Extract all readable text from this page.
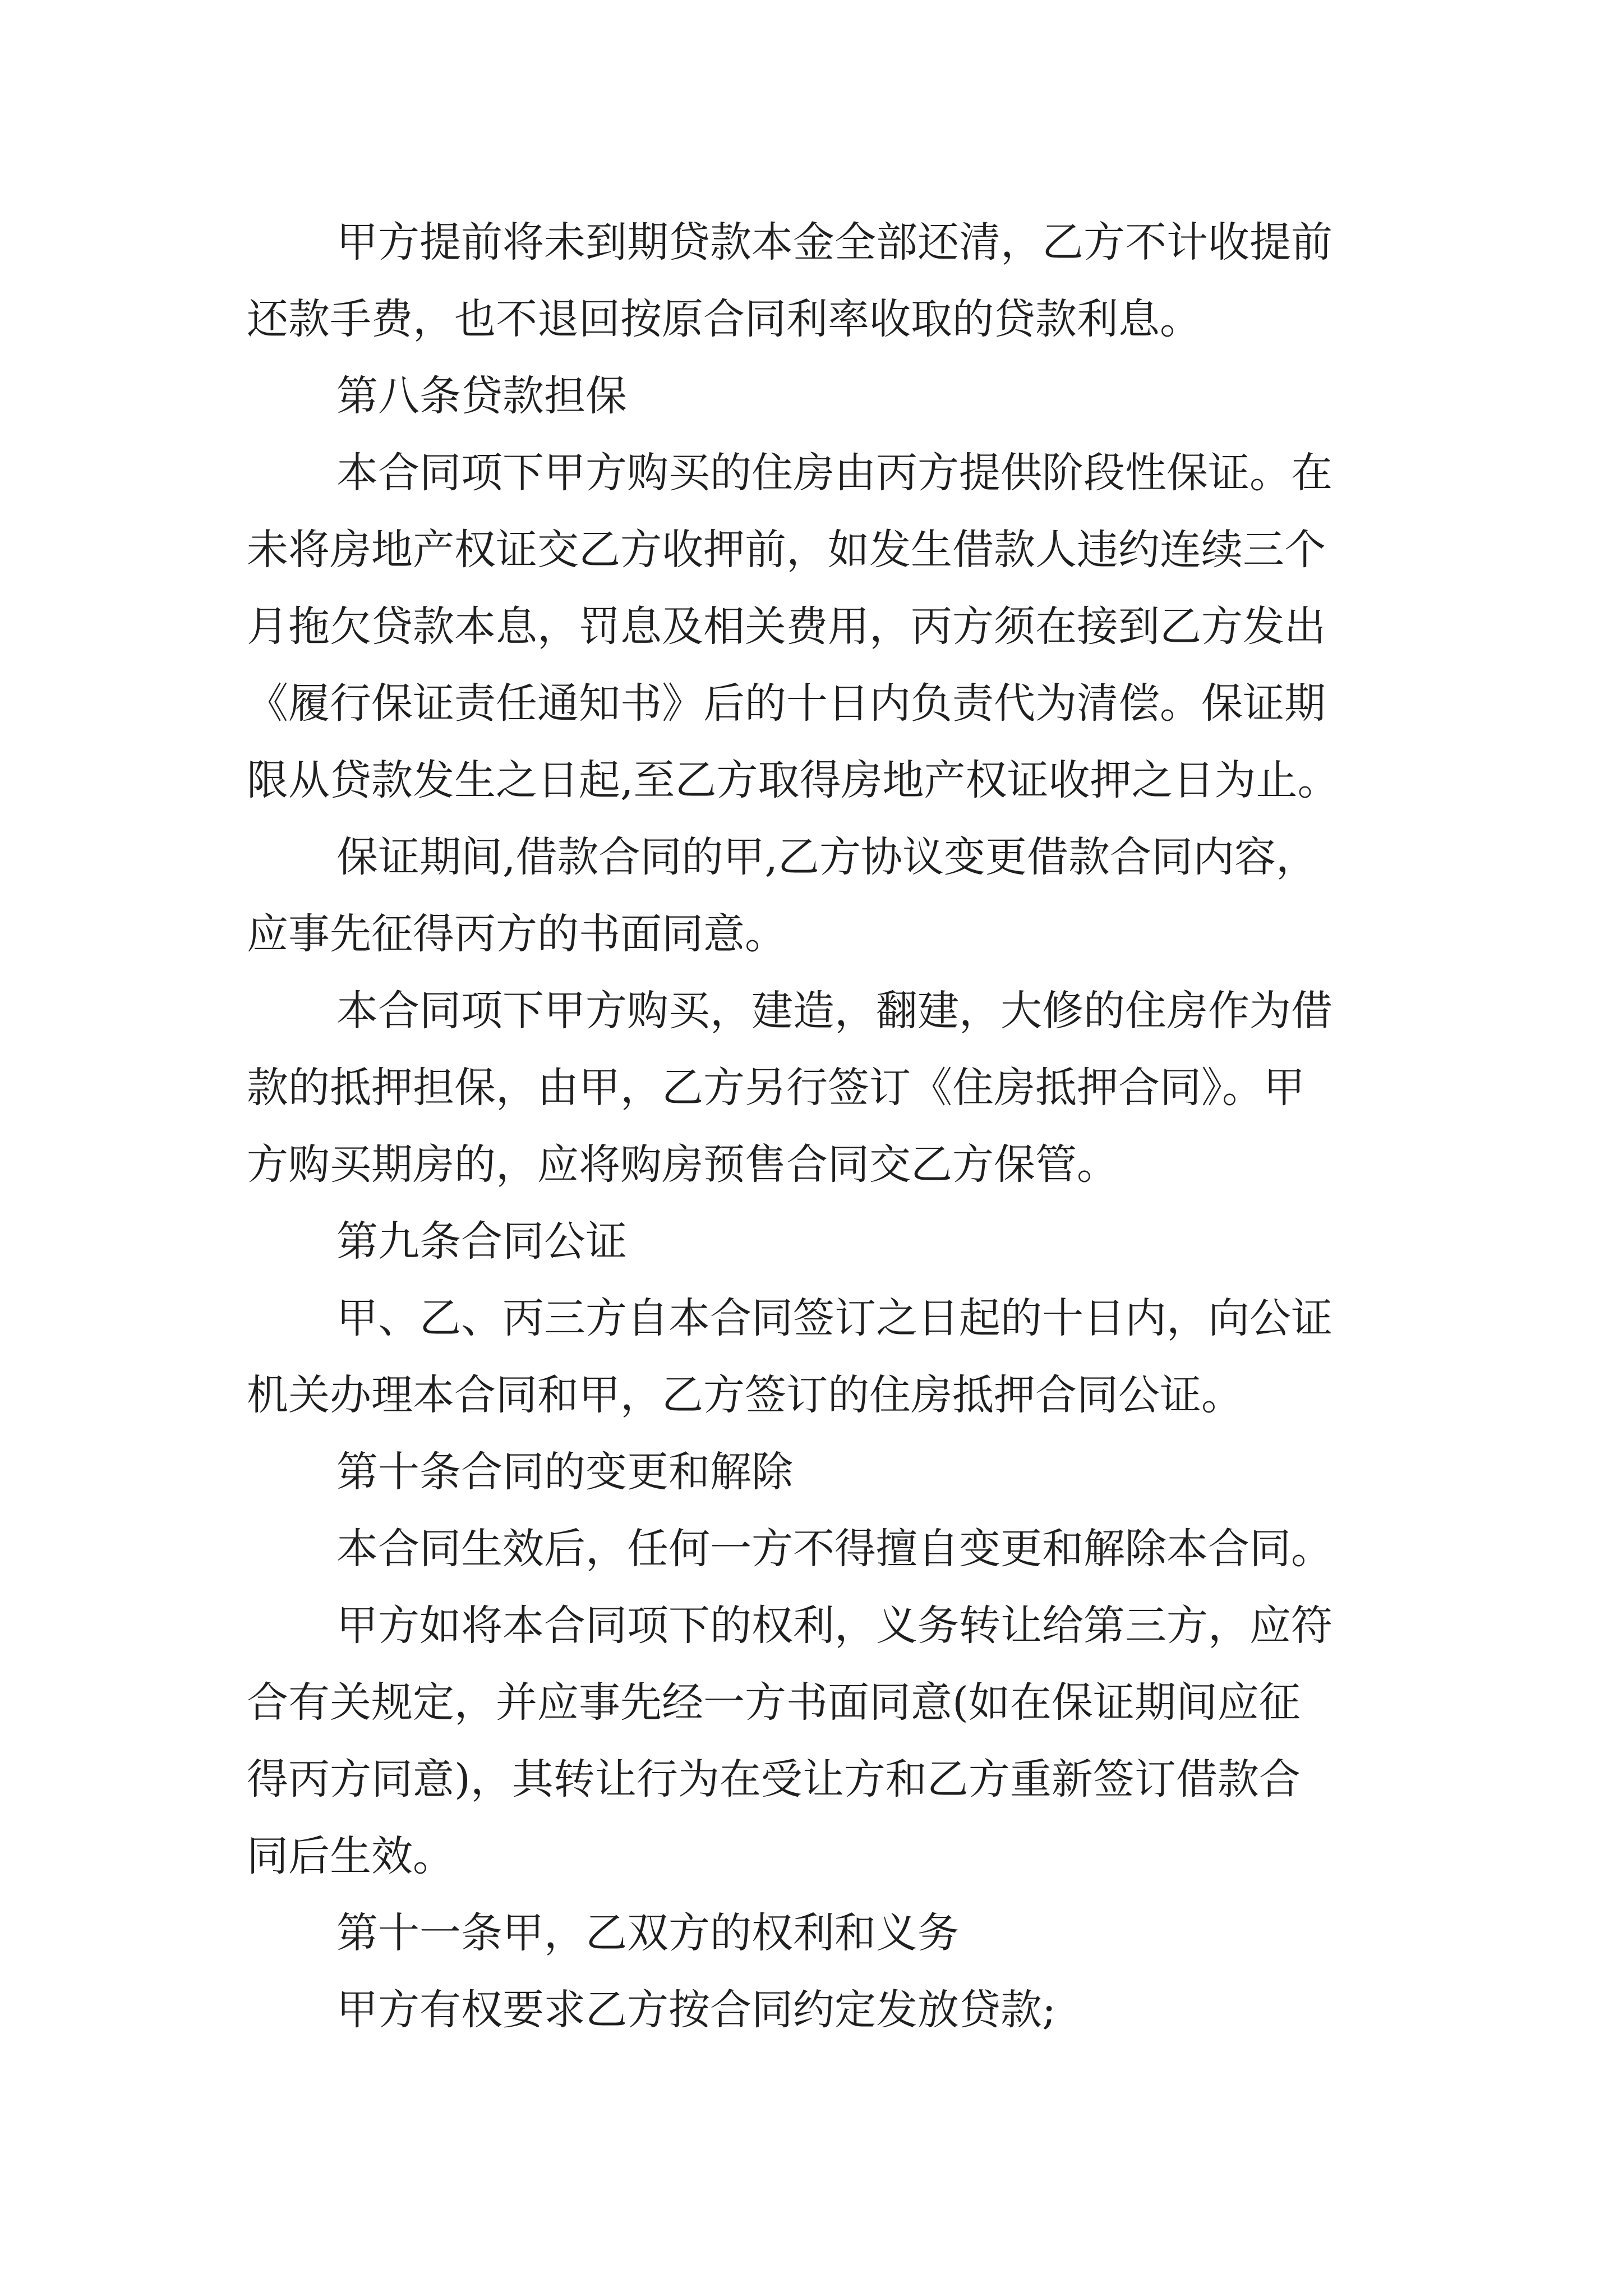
甲方提前将未到期贷款本金全部还清，乙方不计收提前

还款手费，也不退回按原合同利率收取的贷款利息。

第八条贷款担保

本合同项下甲方购买的住房由丙方提供阶段性保证。在

未将房地产权证交乙方收押前，如发生借款人违约连续三个

月拖欠贷款本息，罚息及相关费用，丙方须在接到乙方发出

《履行保证责任通知书》后的十日内负责代为清偿。保证期

限从贷款发生之日起,至乙方取得房地产权证收押之日为止。

保证期间,借款合同的甲,乙方协议变更借款合同内容，

应事先征得丙方的书面同意。

本合同项下甲方购买，建造，翻建，大修的住房作为借

款的抵押担保，由甲，乙方另行签订《住房抵押合同》。甲

方购买期房的，应将购房预售合同交乙方保管。

第九条合同公证

甲、乙、丙三方自本合同签订之日起的十日内，向公证

机关办理本合同和甲，乙方签订的住房抵押合同公证。

第十条合同的变更和解除

本合同生效后，任何一方不得擅自变更和解除本合同。

甲方如将本合同项下的权利，义务转让给第三方，应符

合有关规定，并应事先经一方书面同意(如在保证期间应征

得丙方同意)，其转让行为在受让方和乙方重新签订借款合

同后生效。

第十一条甲，乙双方的权利和义务

甲方有权要求乙方按合同约定发放贷款;
